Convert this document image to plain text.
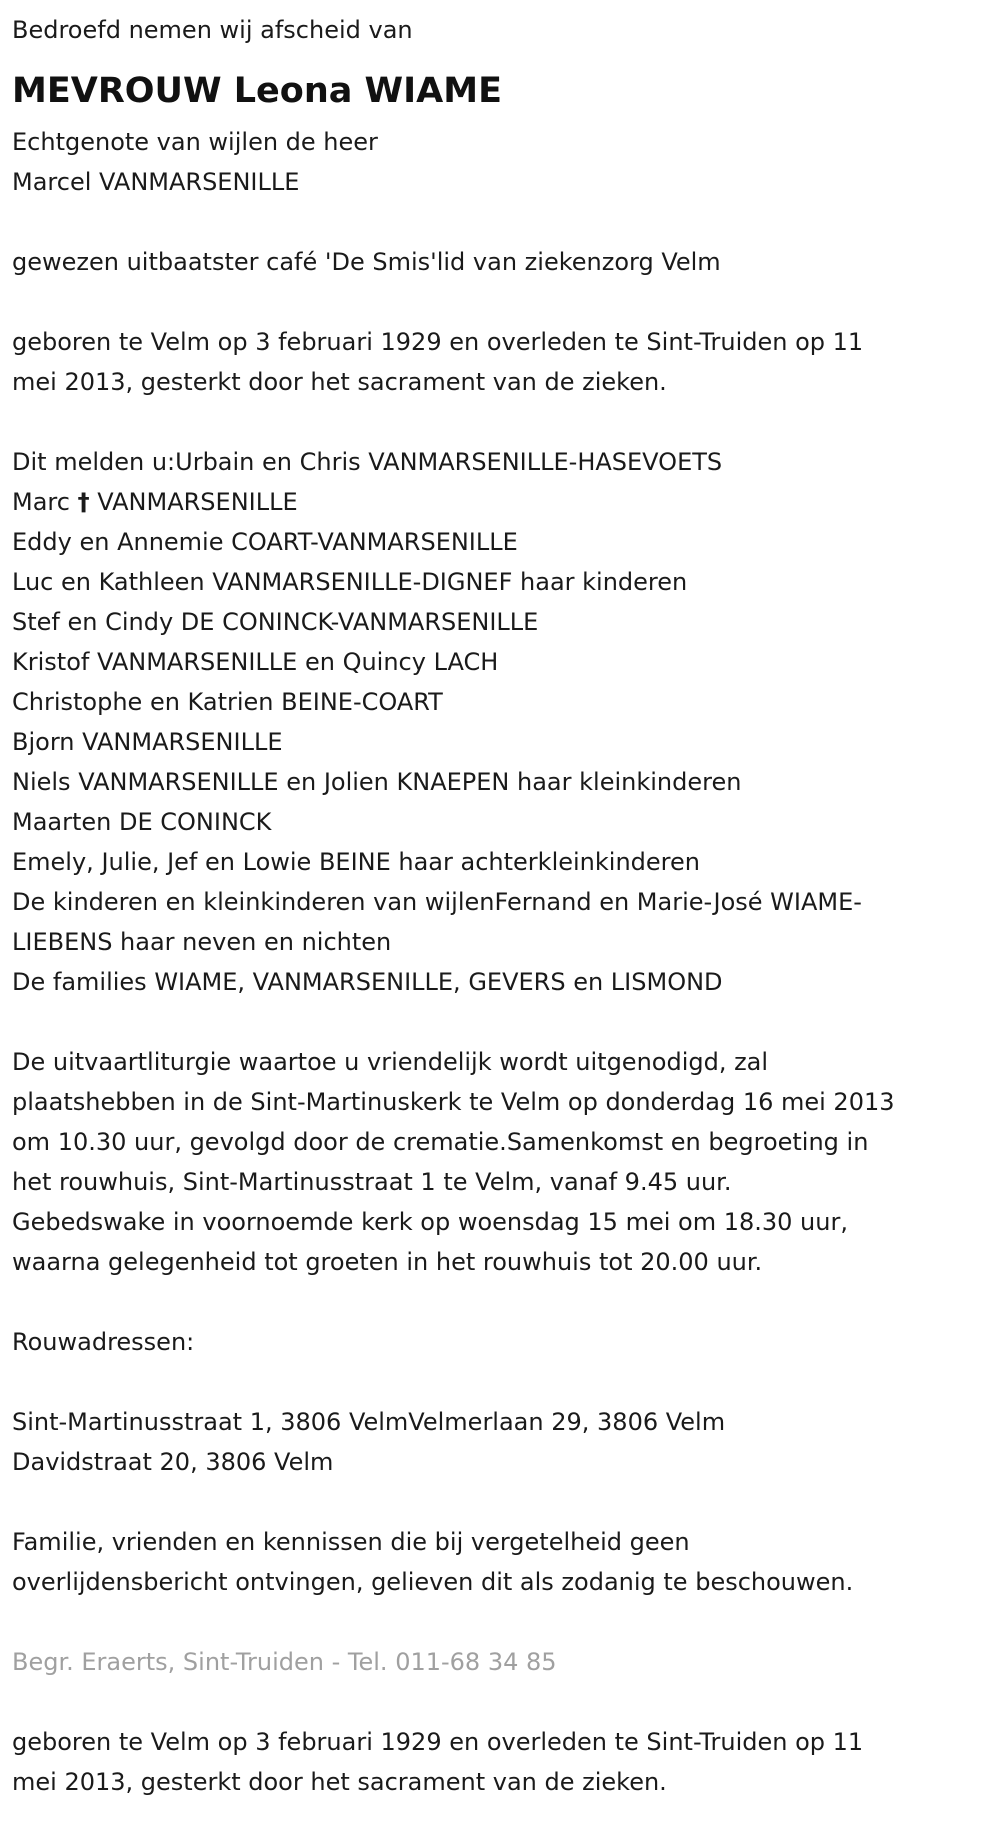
Bedroefd nemen wij afscheid van
MEVROUW Leona WIAME
Echtgenote van wijlen de heer
Marcel VANMARSENILLE
gewezen uitbaatster café 'De Smis'lid van ziekenzorg Velm
geboren te Velm op 3 februari 1929 en overleden te Sint-Truiden op 11
mei 2013, gesterkt door het sacrament van de zieken.
Dit melden u:Urbain en Chris VANMARSENILLE-HASEVOETS
Marc † VANMARSENILLE
Eddy en Annemie COART-VANMARSENILLE
Luc en Kathleen VANMARSENILLE-DIGNEF haar kinderen
Stef en Cindy DE CONINCK-VANMARSENILLE
Kristof VANMARSENILLE en Quincy LACH
Christophe en Katrien BEINE-COART
Bjorn VANMARSENILLE
Niels VANMARSENILLE en Jolien KNAEPEN haar kleinkinderen
Maarten DE CONINCK
Emely, Julie, Jef en Lowie BEINE haar achterkleinkinderen
De kinderen en kleinkinderen van wijlenFernand en Marie-José WIAME-
LIEBENS haar neven en nichten
De families WIAME, VANMARSENILLE, GEVERS en LISMOND
De uitvaartliturgie waartoe u vriendelijk wordt uitgenodigd, zal
plaatshebben in de Sint-Martinuskerk te Velm op donderdag 16 mei 2013
om 10.30 uur, gevolgd door de crematie.Samenkomst en begroeting in
het rouwhuis, Sint-Martinusstraat 1 te Velm, vanaf 9.45 uur.
Gebedswake in voornoemde kerk op woensdag 15 mei om 18.30 uur,
waarna gelegenheid tot groeten in het rouwhuis tot 20.00 uur.
Rouwadressen:
Sint-Martinusstraat 1, 3806 VelmVelmerlaan 29, 3806 Velm
Davidstraat 20, 3806 Velm
Familie, vrienden en kennissen die bij vergetelheid geen
overlijdensbericht ontvingen, gelieven dit als zodanig te beschouwen.
Begr. Eraerts, Sint-Truiden - Tel. 011-68 34 85
geboren te Velm op 3 februari 1929 en overleden te Sint-Truiden op 11
mei 2013, gesterkt door het sacrament van de zieken.
